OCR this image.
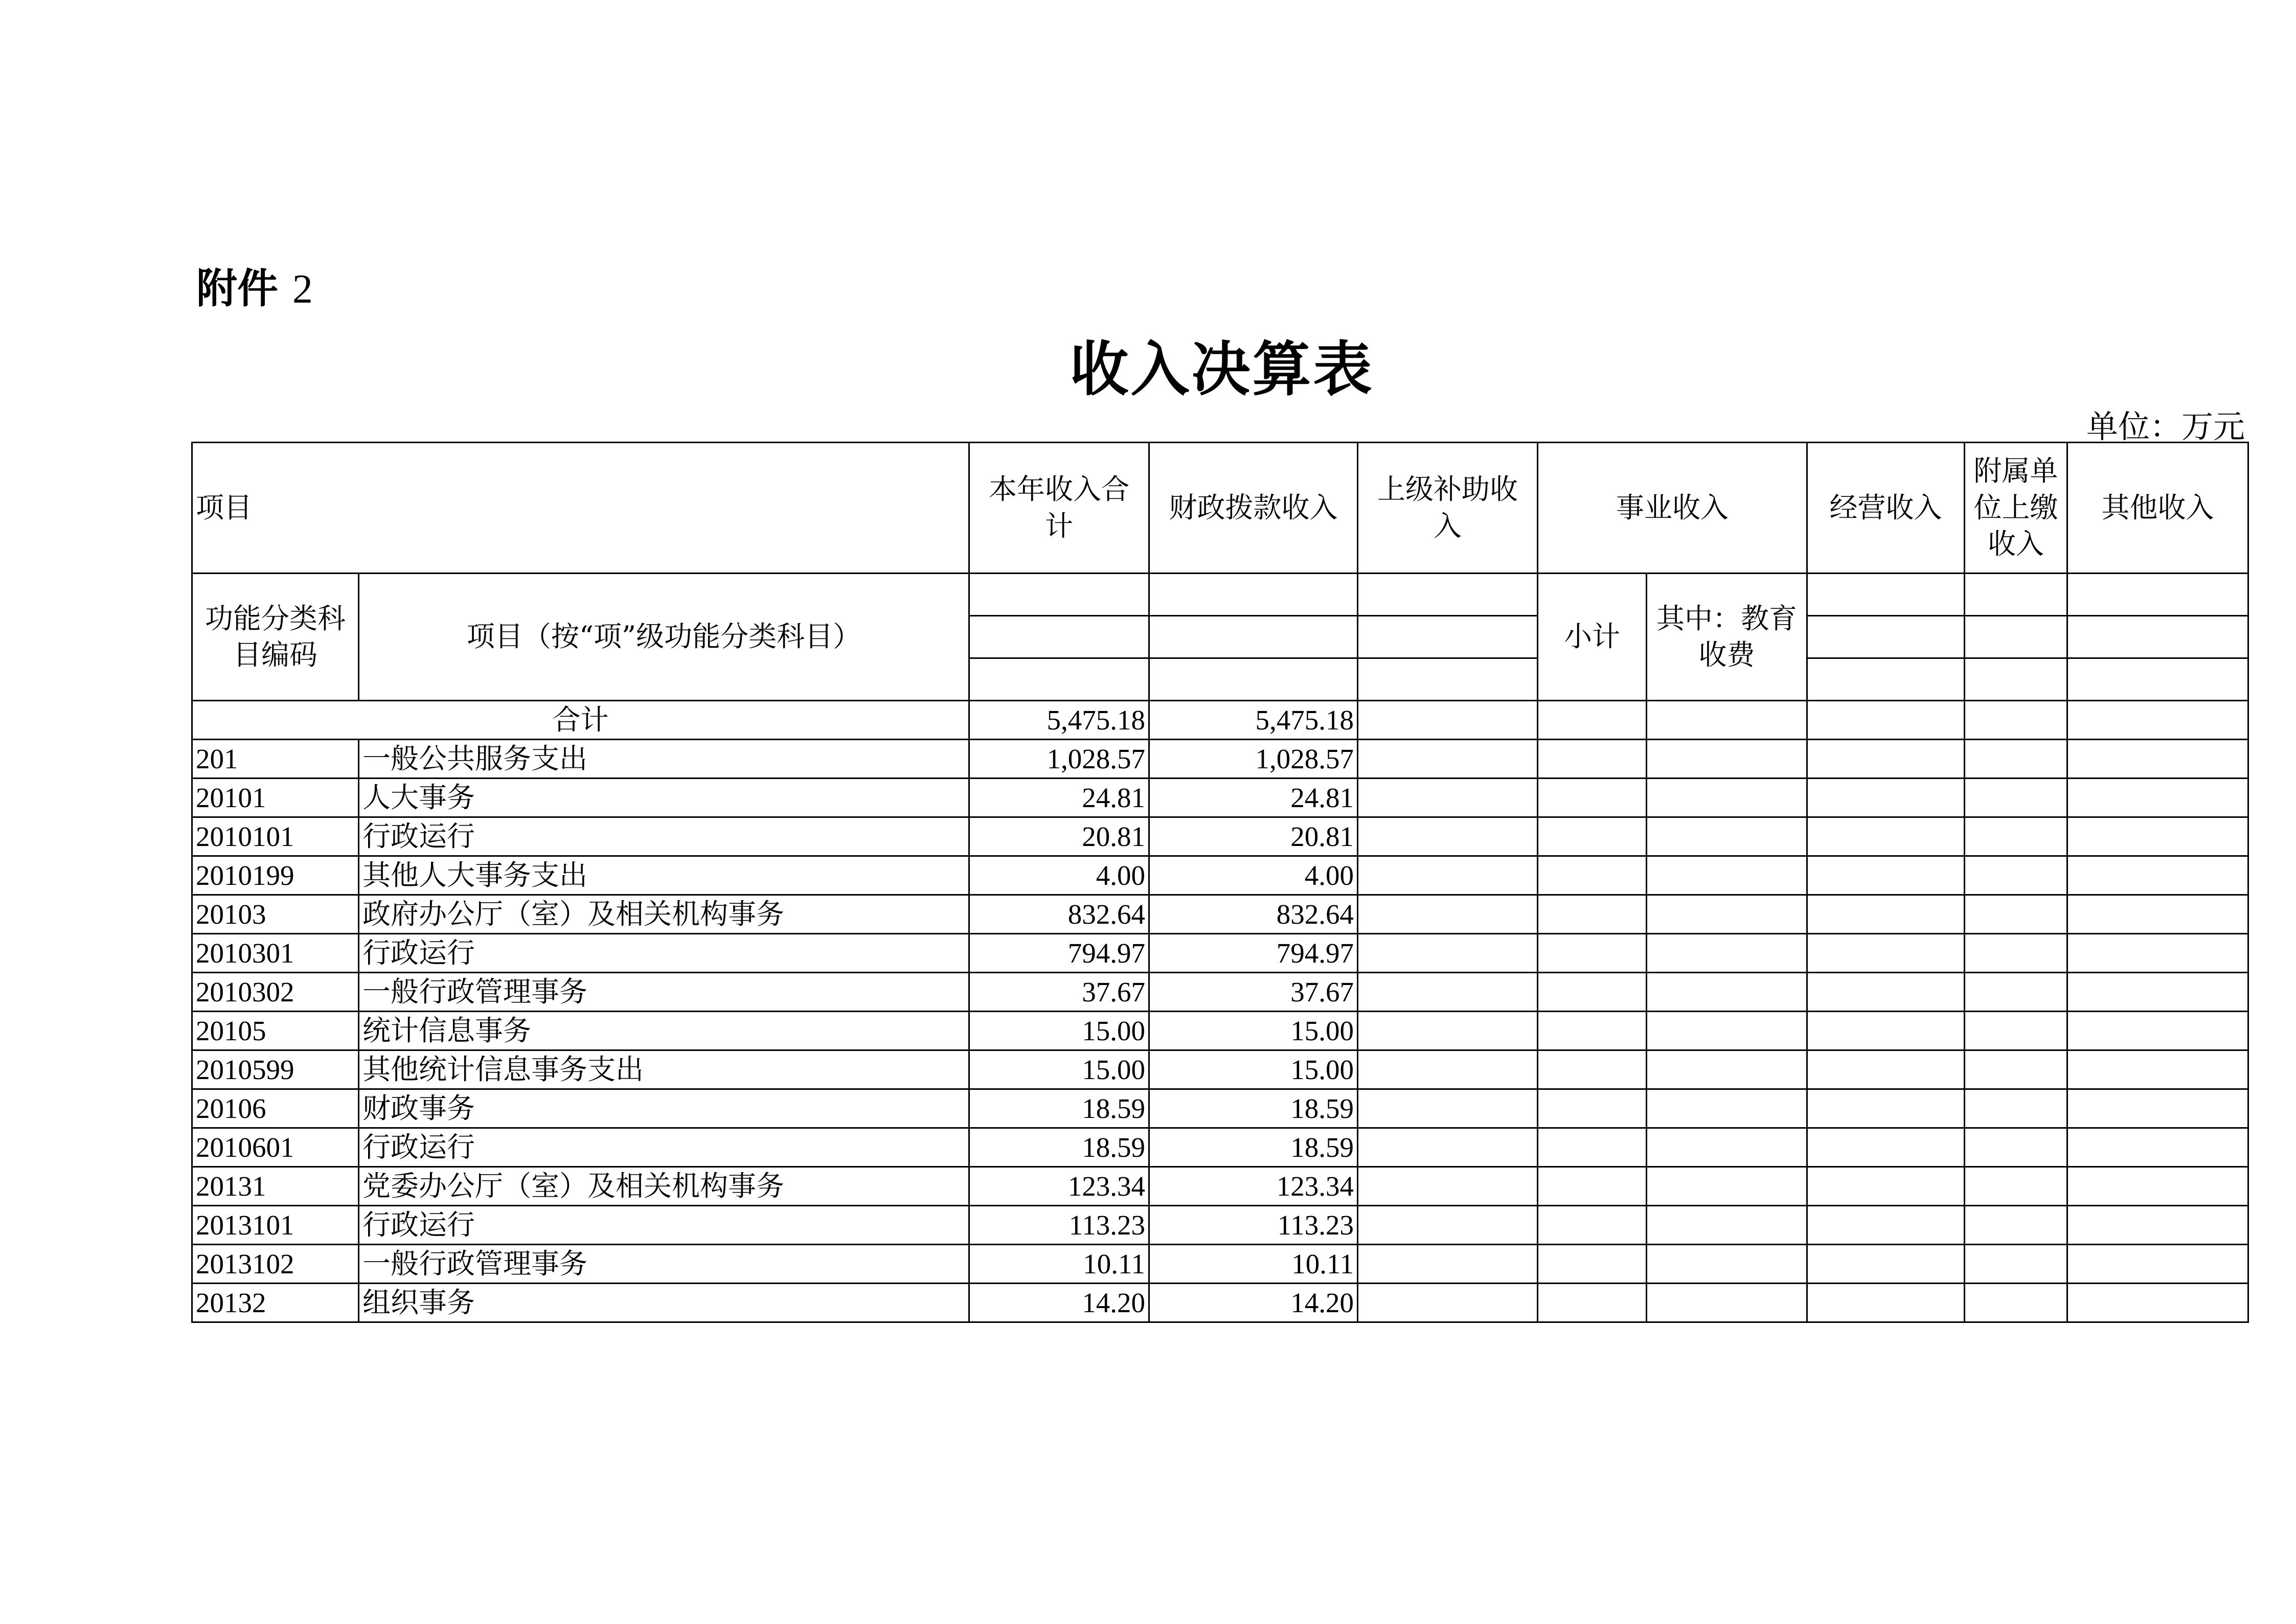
附件 2
收入决算表
单位：万元
项目		本年收入合计	财政拨款收入	上级补助收入	事业收入		经营收入	附属单位上缴收入	其他收入
功能分类科目编码	项目（按“项”级功能分类科目）				小计	其中：教育收费			

合计		5,475.18	5,475.18						
201	一般公共服务支出	1,028.57	1,028.57						
20101	人大事务	24.81	24.81						
2010101	行政运行	20.81	20.81						
2010199	其他人大事务支出	4.00	4.00						
20103	政府办公厅（室）及相关机构事务	832.64	832.64						
2010301	行政运行	794.97	794.97						
2010302	一般行政管理事务	37.67	37.67						
20105	统计信息事务	15.00	15.00						
2010599	其他统计信息事务支出	15.00	15.00						
20106	财政事务	18.59	18.59						
2010601	行政运行	18.59	18.59						
20131	党委办公厅（室）及相关机构事务	123.34	123.34						
2013101	行政运行	113.23	113.23						
2013102	一般行政管理事务	10.11	10.11						
20132	组织事务	14.20	14.20						
